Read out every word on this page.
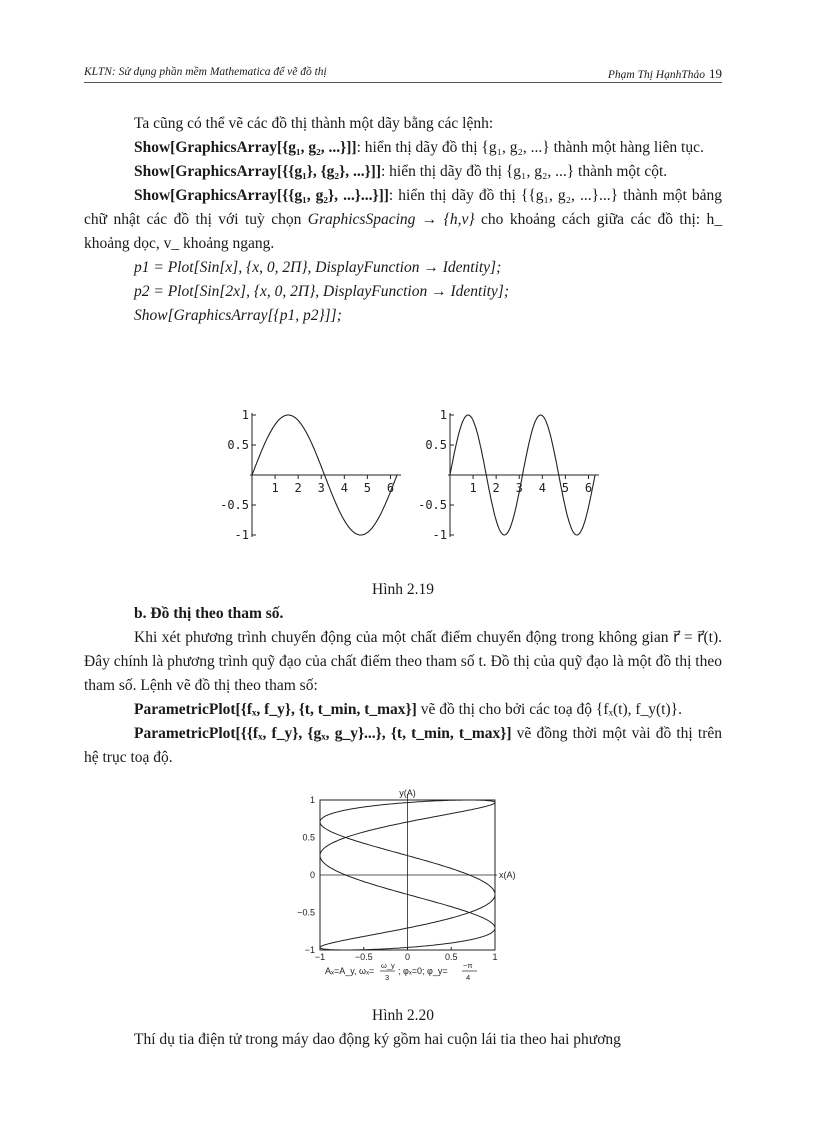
KLTN: Sử dụng phần mềm Mathematica để vẽ đồ thị	Phạm Thị HạnhThảo 19

Ta cũng có thể vẽ các đồ thị thành một dãy bằng các lệnh:

Show[GraphicsArray[{g₁, g₂, ...}]]: hiển thị dãy đồ thị {g₁, g₂, ...} thành một hàng liên tục.

Show[GraphicsArray[{{g₁}, {g₂}, ...}]]: hiển thị dãy đồ thị {g₁, g₂, ...} thành một cột.

Show[GraphicsArray[{{g₁, g₂}, ...}...}]]: hiển thị dãy đồ thị {{g₁, g₂, ...}...} thành một bảng chữ nhật các đồ thị với tuỳ chọn GraphicsSpacing → {h,v} cho khoảng cách giữa các đồ thị: h_ khoảng dọc, v_ khoảng ngang.

p1 = Plot[Sin[x], {x, 0, 2Π}, DisplayFunction → Identity];

p2 = Plot[Sin[2x], {x, 0, 2Π}, DisplayFunction → Identity];

Show[GraphicsArray[{p1, p2}]];

1
0.5
-0.5
-1
1 2 3 4 5 6
1
0.5
-0.5
-1
1 2 3 4 5 6

Hình 2.19

b. Đồ thị theo tham số.

Khi xét phương trình chuyển động của một chất điểm chuyển động trong không gian r⃗ = r⃗(t). Đây chính là phương trình quỹ đạo của chất điểm theo tham số t. Đồ thị của quỹ đạo là một đồ thị theo tham số. Lệnh vẽ đồ thị theo tham số:

ParametricPlot[{fₓ, f_y}, {t, t_min, t_max}] vẽ đồ thị cho bởi các toạ độ {fₓ(t), f_y(t)}.

ParametricPlot[{{fₓ, f_y}, {gₓ, g_y}...}, {t, t_min, t_max}] vẽ đồng thời một vài đồ thị trên hệ trục toạ độ.

y(A)
x(A)
1
0.5
0
−0.5
−1
−1	−0.5	0	0.5	1
Aₓ=A_y, ωₓ=
ω_y
3
; φₓ=0; φ_y=
−π
4

Hình 2.20

Thí dụ tia điện tử trong máy dao động ký gồm hai cuộn lái tia theo hai phương
